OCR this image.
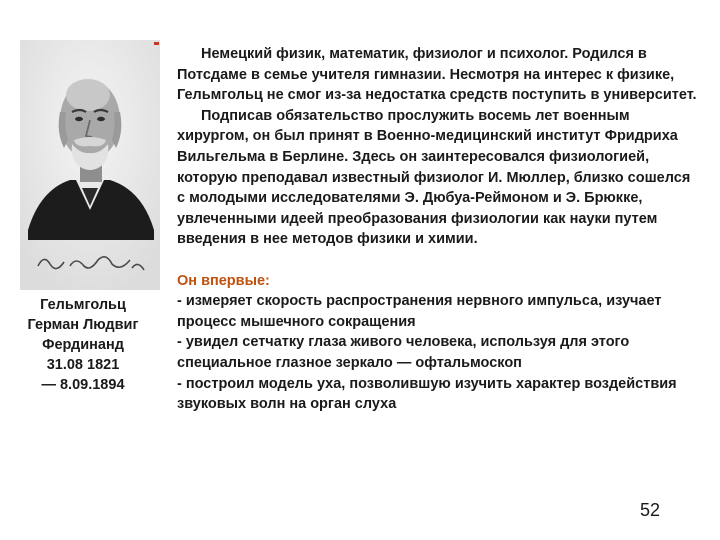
Гельмгольц
Герман Людвиг
Фердинанд
31.08 1821
— 8.09.1894

Немецкий физик, математик, физиолог и психолог. Родился в Потсдаме в семье учителя гимназии. Несмотря на интерес к физике, Гельмгольц не смог из-за недостатка средств поступить в университет.

Подписав обязательство прослужить восемь лет военным хирургом, он был принят в Военно-медицинский институт Фридриха Вильгельма в Берлине. Здесь он заинтересовался физиологией, которую преподавал известный физиолог И. Мюллер, близко сошелся с молодыми исследователями Э. Дюбуа-Реймоном и Э. Брюкке, увлеченными идеей преобразования физиологии как науки путем введения в нее методов физики и химии.

Он впервые:

- измеряет скорость распространения нервного импульса, изучает процесс мышечного сокращения

- увидел сетчатку глаза живого человека, используя для этого специальное глазное зеркало — офтальмоскоп

- построил модель уха, позволившую изучить характер воздействия звуковых волн на орган слуха

52
